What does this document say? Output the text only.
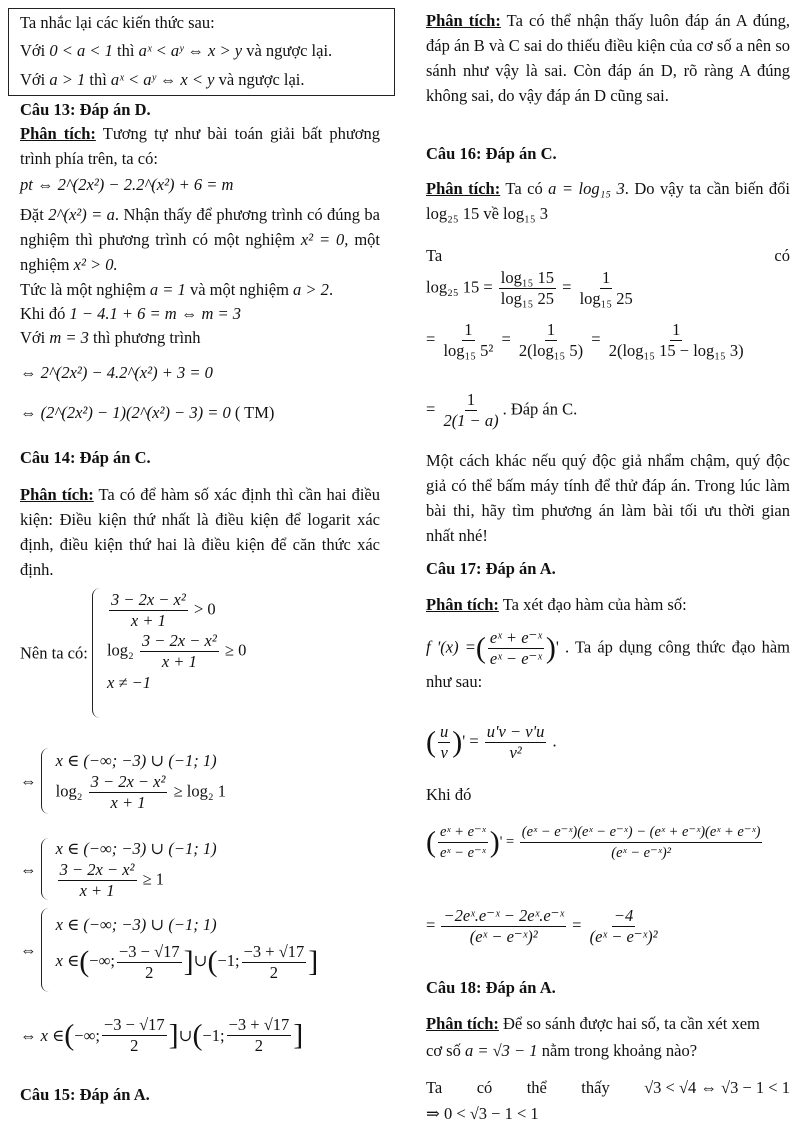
Ta nhắc lại các kiến thức sau:
Với 0 < a < 1 thì aˣ < aʸ ⇔ x > y và ngược lại.
Với a > 1 thì aˣ < aʸ ⇔ x < y và ngược lại.
Câu 13: Đáp án D.
Phân tích: Tương tự như bài toán giải bất phương trình phía trên, ta có:
pt ⇔ 2^(2x²) − 2.2^(x²) + 6 = m
Đặt 2^(x²) = a. Nhận thấy để phương trình có đúng ba nghiệm thì phương trình có một nghiệm x² = 0, một nghiệm x² > 0.
Tức là một nghiệm a = 1 và một nghiệm a > 2.
Khi đó 1 − 4.1 + 6 = m ⇔ m = 3
Với m = 3 thì phương trình
⇔ 2^(2x²) − 4.2^(x²) + 3 = 0
⇔ (2^(2x²) − 1)(2^(x²) − 3) = 0 ( TM)
Câu 14: Đáp án C.
Phân tích: Ta có để hàm số xác định thì cần hai điều kiện: Điều kiện thứ nhất là điều kiện để logarit xác định, điều kiện thứ hai là điều kiện để căn thức xác định.
Nên ta có:
$\frac{\text{3 − 2x − x²}}{x + 1} > 0$
$\log_2 \frac{\text{3 − 2x − x²}}{x + 1} \ge 0$
x ≠ −1
⇔
x ∈ (−∞; −3) ∪ (−1; 1)
$\log_2 \frac{\text{3 − 2x − x²}}{x + 1} \ge \log_2$ 1
⇔
x ∈ (−∞; −3) ∪ (−1; 1)
$\frac{\text{3 − 2x − x²}}{x + 1} \ge 1$
⇔
x ∈ (−∞; −3) ∪ (−1; 1)
x ∈(−∞; $\frac{-3 - √17}{2}$ ]∪(−1; $\frac{-3 + √17}{2}$ ]
⇔ x ∈(−∞; $\frac{-3 - √17}{2}$ ]∪(−1; $\frac{-3 + √17}{2}$ ]
Câu 15: Đáp án A.
Phân tích: Ta có thể nhận thấy luôn đáp án A đúng, đáp án B và C sai do thiếu điều kiện của cơ số a nên so sánh như vậy là sai. Còn đáp án D, rõ ràng A đúng không sai, do vậy đáp án D cũng sai.
Câu 16: Đáp án C.
Phân tích: Ta có a = log₁₅ 3. Do vậy ta cần biến đổi log₂₅ 15 về log₁₅ 3
Ta	có
log₂₅ $15 = \frac{\text{log₁₅ 15}}{\text{log₁₅ 25}} = \frac{1}{\text{log₁₅ 25}}$
= $\frac{1}{\text{log₁₅ 5²}} = \frac{1}{\text{2(log₁₅ 5)}} = \frac{1}{\text{2(log₁₅ 15 − log₁₅ 3)}}$
= $\frac{1}{2(1 - a)}$ . Đáp án C.
Một cách khác nếu quý độc giả nhẩm chậm, quý độc giả có thể bấm máy tính để thử đáp án. Trong lúc làm bài thi, hãy tìm phương án làm bài tối ưu thời gian nhất nhé!
Câu 17: Đáp án A.
Phân tích: Ta xét đạo hàm của hàm số:
f '(x) =( $\frac{\text{eˣ + e⁻ˣ}}{\text{eˣ − e⁻ˣ}}$ )' . Ta áp dụng công thức đạo hàm như sau:
( $\frac{u}{v}$ )' = $\frac{u'v - v'u}{\text{v²}}$ .
Khi đó
( $\frac{\text{eˣ + e⁻ˣ}}{\text{eˣ − e⁻ˣ}}$ )' = $\frac{\text{(eˣ − e⁻ˣ)(eˣ − e⁻ˣ) − (eˣ + e⁻ˣ)(eˣ + e⁻ˣ)}}{\text{(eˣ − e⁻ˣ)²}}$
= $\frac{\text{−2eˣ.e⁻ˣ − 2eˣ.e⁻ˣ}}{\text{(eˣ − e⁻ˣ)²}} = \frac{-4}{\text{(eˣ − e⁻ˣ)²}}$
Câu 18: Đáp án A.
Phân tích: Để so sánh được hai số, ta cần xét xem
cơ số a = √3 − 1 nằm trong khoảng nào?
Ta có thể thấy √3 < √4 ⇔ √3 − 1 < 1
⇒ 0 < √3 − 1 < 1
